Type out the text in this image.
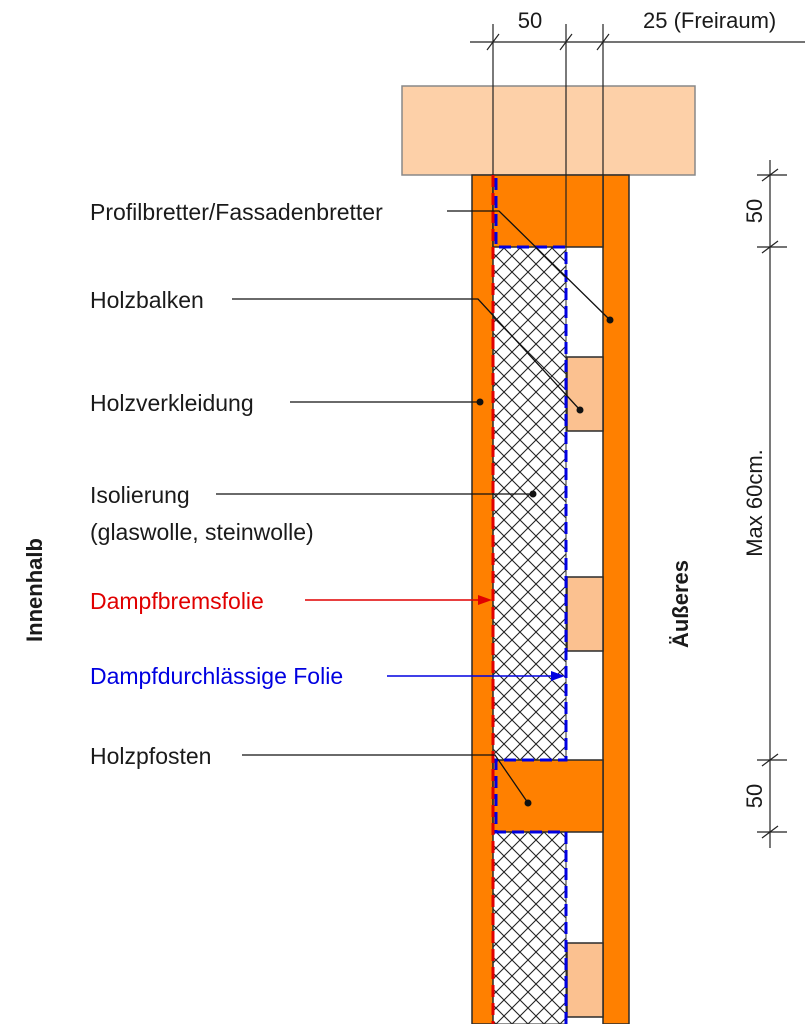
50	25 (Freiraum)
50
Max 60cm.
50
Innenhalb	Äußeres
Profilbretter/Fassadenbretter
Holzbalken
Holzverkleidung
Isolierung
(glaswolle, steinwolle)
Dampfbremsfolie
Dampfdurchlässige Folie
Holzpfosten
